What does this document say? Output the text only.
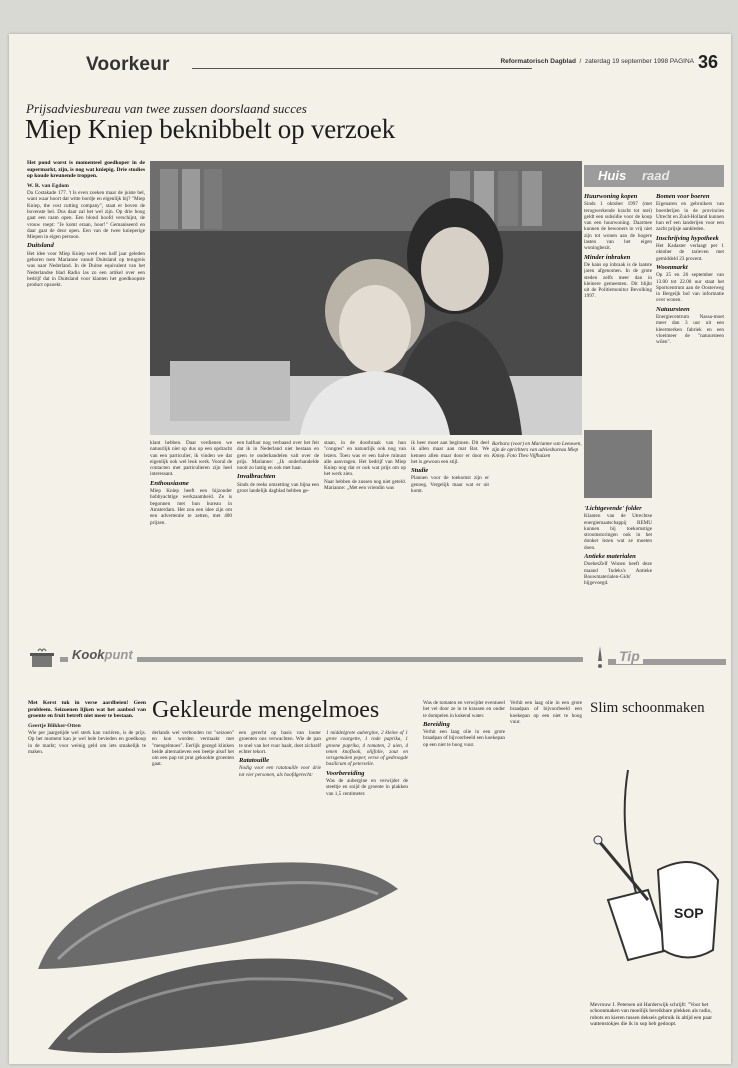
Voorkeur	Reformatorisch Dagblad  /  zaterdag 19 september 1998 PAGINA 36
Prijsadviesbureau van twee zussen doorslaand succes
Miep Kniep beknibbelt op verzoek

Het pond worst is momenteel goedkoper in de supermarkt, zijn, is nog wat kniepig. Drie studies op koude kreunende troppen.

W. R. van Egdom

Da Costakade 177. 't Is even zoeken maar de juiste bel, want waar hoort dat witte bordje en eigenlijk bij? "Miep Kniep, the cost cutting company", staat er boven de bovenste bel. Dus daar zal het wel zijn. Op drie hoog gaat een raam open. Een blond hoofd verschijnt, de vrouw roept: "Je komt eraan, hoor!" Gemaniseerd en daar gaat de deur open. Een van de twee knieperige Miepen in eigen persoon.

Duitsland

Het idee voor Miep Kniep werd een half jaar geleden geboren toen Marianne vanuit Duitsland op terugreis was naar Nederland. In de Duitse equivalent van het Nederlandse blad Radio las zo een artikel over een bedrijf dat in Duitsland voor klanten het goedkoopste product opzoekt.

klant hebben. Daar verdienen we natuurlijk niet op dus op een opdracht van een particulier, ik vinden we dat eigenlijk ook wel leuk werk. Vooral de contacten met particulieren zijn heel interessant.

Enthousiasme

Miep Kniep heeft een bijzonder hobbyachtige werkzaamheid. Ze is begonnen met hun bureau in Amsterdam. Het zou een idee zijn om een advertentie te zetten, met 400 prijzen.

een halfuur nog verbaasd over het feit dat ik in Nederland niet bestaan en geen te onderhandelen valt over de prijs. Marianne: ,,Ik onderhandelde nooit zo lastig en ook met haar.

Invalbrachten

Sinds de reeks omzetting van bijna een groot landelijk dagblad hebben ge-

staan, in de doorbraak van hun "congres" en natuurlijk ook nog van lezers. Toen was er een halve minuut alle aanvragen. Het bedrijf van Miep Kniep nog dat er ook wat prijs om op het werk zien.

Naar hebben de zussen nog niet geteld. Marianne: ,,Met een vriendin was

ik heer moet aan beginnen. Dit deel ik allen maar aan mat Bat. We kennen allen maar door er door en het is gewoon een stijl.

Studie

Plannen voor de toekomst zijn er genoeg. Vergelijk maar wat er uit komt.

Barbara (voor) en Marianne van Leeuwen, zijn de oprichters van adviesbureau Miep Kniep. Foto Theo Vijfhuizen
Huis raad
Huurwoning kopen

Sinds 1 oktober 1997 (met terugwerkende kracht tot mei) geldt een subsidie voor de koop van een huurwoning. Daarmee kunnen de bewoners in vrij niet zijn tot wonen aan de hogere lasten van het eigen woningbezit.

Minder inbraken

De kans op inbraak is de laatste jaren afgenomen. In de grote steden zelfs meer dan in kleinere gemeenten. Dit blijkt uit de Politiemonitor Bevolking 1997.

'Lichtgevende' folder

Klanten van de Utrechtse energiemaatschappij REMU kunnen bij toekomstige stroomstoringen ook in het donker lezen wat ze moeten doen.

Antieke materialen

DoehetZelf Wonen heeft deze maand 'Indeks's Antieke Bouwmaterialen-Gids' bijgevoegd.

Bomen voor boeren

Eigenaren en gebruikers van boerderijen in de provincies Utrecht en Zuid-Holland kunnen hun erf een landerijen voor een zacht prijsje aankleden.

Inschrijving hypotheek

Het Kadaster verlaagt per 1 oktober de tarieven met gemiddeld 23 procent.

Woonmarkt

Op 25 en 26 september van 13.00 tot 22.00 uur staat het Sportcentrum aan de Oosterweg in Bergeijk bol van informatie over wonen.

Natuursteen

Energiecentrum Nassa-moet meer dan 3 uur uit een kleermerken fabriek en een vloeimeer de "natuursteen wilen".

Kookpunt	Tip

Met Kerst tuk in verse aardbeien! Geen probleem. Seizoenen lijken wat het aanbod van groente en fruit betreft niet meer te bestaan.

Geertje Blikker-Otten

Wie per jaargetijde wel sterk kan variëren, is de prijs. Op het moment kan je wel hele bevieden en goedkoop in de markt; voor weinig geld om iets smakelijk te maken.

Gekleurde mengelmoes

derlands wel verbonden tot "seizoen" en kon worden vermaakt met "mengelmoes". Eerlijk gezegd klinken beide alternatieven een beetje alsof het om een pap tot prut gekookte groenten gaat.

een gerecht op basis van louter groenten ons verwachten. Wie de pan te snel van het vuur haalt, doet zichzelf echter tekort.

Ratatouille

Nodig voor een ratatouille voor drie tot vier personen, als hoofdgerecht:

1 middelgrote aubergine, 2 kleine of 1 grote courgette, 1 rode paprika, 1 groene paprika, 4 tomaten, 2 uien, 4 tenen knoflook, olijfolie, zout en versgemalen peper, verse of gedroogde basilicum of peterselie.

Voorbereiding

Was de aubergine en verwijder de steeltje en snijd de groente in plakken van 1,5 centimeter.

Was de tomaten en verwijder eventueel het vel door ze in te krassen en onder te dompelen in kokend water.

Bereiding

Verhit een laag olie in een grote braadpan of bijvoorbeeld een koekepan op een niet te hoog vuur.

Verhit een laag olie in een grote braadpan of bijvoorbeeld een koekepan op een niet te hoog vuur.

Slim schoonmaken
SOP
Mevrouw J. Petersen uit Harderwijk schrijft: "Voor het schoonmaken van moeilijk bereikbare plekken als radio, robots en kieren tussen deksels gebruik ik altijd een paar wattenstokjes die ik in sop heb gedoopt.
